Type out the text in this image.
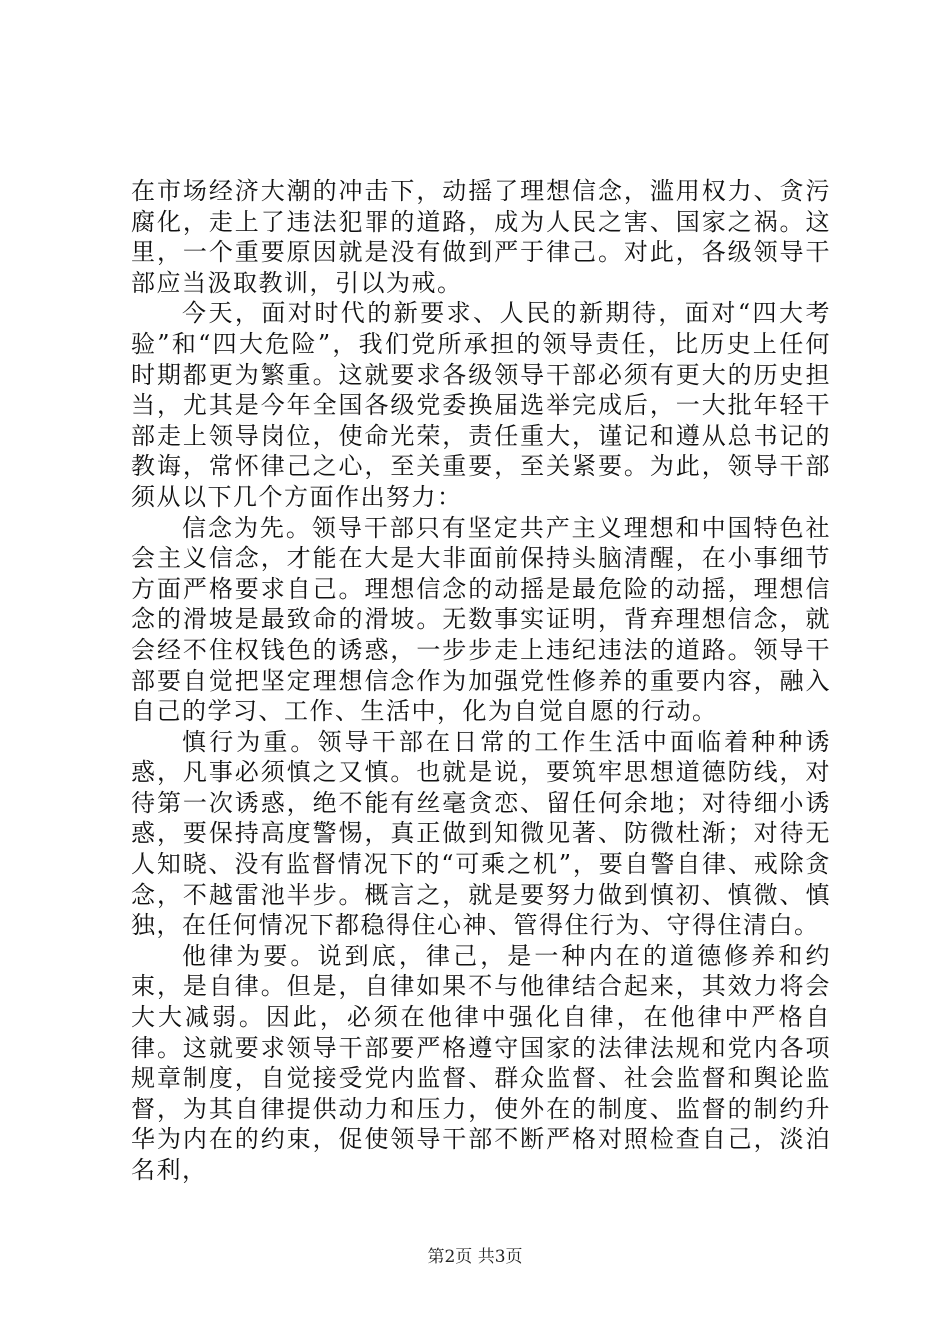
在市场经济大潮的冲击下，动摇了理想信念，滥用权力、贪污腐化，走上了违法犯罪的道路，成为人民之害、国家之祸。这里，一个重要原因就是没有做到严于律己。对此，各级领导干部应当汲取教训，引以为戒。

今天，面对时代的新要求、人民的新期待，面对“四大考验”和“四大危险”，我们党所承担的领导责任，比历史上任何时期都更为繁重。这就要求各级领导干部必须有更大的历史担当，尤其是今年全国各级党委换届选举完成后，一大批年轻干部走上领导岗位，使命光荣，责任重大，谨记和遵从总书记的教诲，常怀律己之心，至关重要，至关紧要。为此，领导干部须从以下几个方面作出努力：

信念为先。领导干部只有坚定共产主义理想和中国特色社会主义信念，才能在大是大非面前保持头脑清醒，在小事细节方面严格要求自己。理想信念的动摇是最危险的动摇，理想信念的滑坡是最致命的滑坡。无数事实证明，背弃理想信念，就会经不住权钱色的诱惑，一步步走上违纪违法的道路。领导干部要自觉把坚定理想信念作为加强党性修养的重要内容，融入自己的学习、工作、生活中，化为自觉自愿的行动。

慎行为重。领导干部在日常的工作生活中面临着种种诱惑，凡事必须慎之又慎。也就是说，要筑牢思想道德防线，对待第一次诱惑，绝不能有丝毫贪恋、留任何余地；对待细小诱惑，要保持高度警惕，真正做到知微见著、防微杜渐；对待无人知晓、没有监督情况下的“可乘之机”，要自警自律、戒除贪念，不越雷池半步。概言之，就是要努力做到慎初、慎微、慎独，在任何情况下都稳得住心神、管得住行为、守得住清白。

他律为要。说到底，律己，是一种内在的道德修养和约束，是自律。但是，自律如果不与他律结合起来，其效力将会大大减弱。因此，必须在他律中强化自律，在他律中严格自律。这就要求领导干部要严格遵守国家的法律法规和党内各项规章制度，自觉接受党内监督、群众监督、社会监督和舆论监督，为其自律提供动力和压力，使外在的制度、监督的制约升华为内在的约束，促使领导干部不断严格对照检查自己，淡泊名利，

第2页 共3页
